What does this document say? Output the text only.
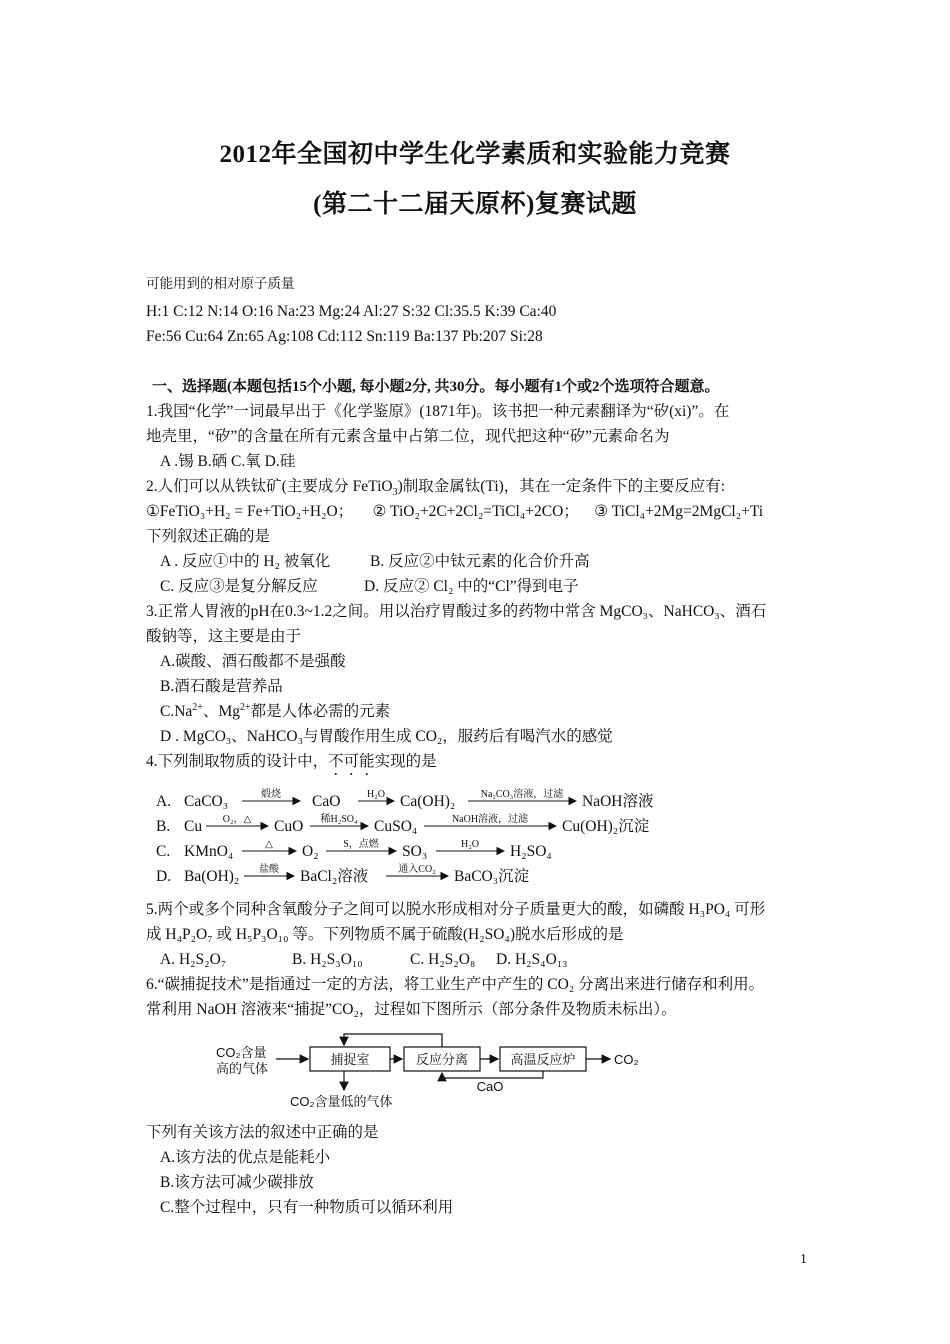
2012年全国初中学生化学素质和实验能力竞赛
(第二十二届天原杯)复赛试题
可能用到的相对原子质量
H:1 C:12 N:14 O:16 Na:23 Mg:24 Al:27 S:32 Cl:35.5 K:39 Ca:40
Fe:56 Cu:64 Zn:65 Ag:108 Cd:112 Sn:119 Ba:137 Pb:207 Si:28
一、选择题(本题包括15个小题, 每小题2分, 共30分。每小题有1个或2个选项符合题意。
1.我国“化学”一词最早出于《化学鉴原》(1871年)。该书把一种元素翻译为“矽(xi)”。在
地壳里，“矽”的含量在所有元素含量中占第二位，现代把这种“矽”元素命名为
A .锡 B.硒 C.氧 D.硅
2.人们可以从铁钛矿(主要成分 FeTiO$_3$)制取金属钛(Ti)，其在一定条件下的主要反应有:
①FeTiO₃+H₂ = Fe+TiO₂+H₂O； ② TiO₂+2C+2Cl₂=TiCl₄+2CO； ③ TiCl₄+2Mg=2MgCl₂+Ti
下列叙述正确的是
A . 反应①中的 H₂ 被氧化	B. 反应②中钛元素的化合价升高
C. 反应③是复分解反应	D. 反应② Cl₂ 中的“Cl”得到电子
3.正常人胃液的pH在0.3~1.2之间。用以治疗胃酸过多的药物中常含 MgCO₃、NaHCO₃、酒石
酸钠等，这主要是由于
A.碳酸、酒石酸都不是强酸
B.酒石酸是营养品
$C.Na^{2+}$、$Mg^{2+}$都是人体必需的元素
D . MgCO₃、NaHCO₃与胃酸作用生成 CO₂，服药后有喝汽水的感觉
4.下列制取物质的设计中，不可能实现的是
A. CaCO₃	CaO	Ca(OH)₂	NaOH溶液
煅烧	H₂O	Na₂CO₃溶液，过滤
B. Cu	CuO	CuSO₄	Cu(OH)₂沉淀
O₂，△	稀H₂SO₄	NaOH溶液，过滤
C. KMnO₄	O₂	SO₃	H₂SO₄
△	S，点燃	H₂O
D. Ba(OH)₂	BaCl₂溶液	BaCO₃沉淀
盐酸	通入CO₂
5.两个或多个同种含氧酸分子之间可以脱水形成相对分子质量更大的酸，如磷酸 H₃PO₄ 可形
成 H₄P₂O₇ 或 H₅P₃O₁₀ 等。下列物质不属于硫酸(H₂SO₄)脱水后形成的是
A. H₂S₂O₇	B. H₂S₃O₁₀	C. H₂S₂O₈ D. H₂S₄O₁₃
6.“碳捕捉技术”是指通过一定的方法，将工业生产中产生的 CO₂ 分离出来进行储存和利用。
常利用 NaOH 溶液来“捕捉”CO₂，过程如下图所示（部分条件及物质未标出）。
CO₂含量
高的气体
捕捉室	反应分离	高温反应炉	CO₂
CaO
CO₂含量低的气体
下列有关该方法的叙述中正确的是
A.该方法的优点是能耗小
B.该方法可减少碳排放
C.整个过程中，只有一种物质可以循环利用
1
